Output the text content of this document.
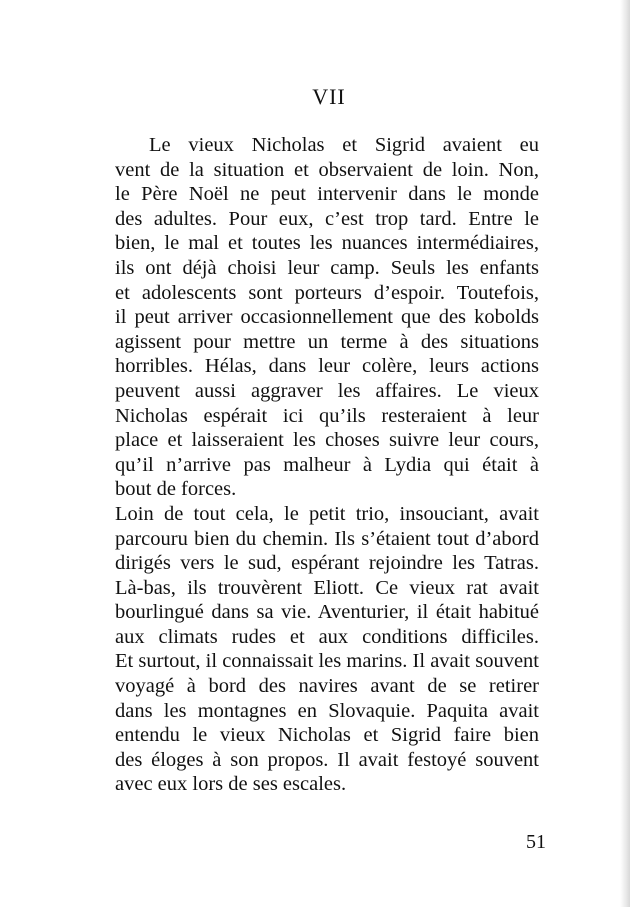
VII
Le vieux Nicholas et Sigrid avaient eu
vent de la situation et observaient de loin. Non,
le Père Noël ne peut intervenir dans le monde
des adultes. Pour eux, c’est trop tard. Entre le
bien, le mal et toutes les nuances intermédiaires,
ils ont déjà choisi leur camp. Seuls les enfants
et adolescents sont porteurs d’espoir. Toutefois,
il peut arriver occasionnellement que des kobolds
agissent pour mettre un terme à des situations
horribles. Hélas, dans leur colère, leurs actions
peuvent aussi aggraver les affaires. Le vieux
Nicholas espérait ici qu’ils resteraient à leur
place et laisseraient les choses suivre leur cours,
qu’il n’arrive pas malheur à Lydia qui était à
bout de forces.
Loin de tout cela, le petit trio, insouciant, avait
parcouru bien du chemin. Ils s’étaient tout d’abord
dirigés vers le sud, espérant rejoindre les Tatras.
Là-bas, ils trouvèrent Eliott. Ce vieux rat avait
bourlingué dans sa vie. Aventurier, il était habitué
aux climats rudes et aux conditions difficiles.
Et surtout, il connaissait les marins. Il avait souvent
voyagé à bord des navires avant de se retirer
dans les montagnes en Slovaquie. Paquita avait
entendu le vieux Nicholas et Sigrid faire bien
des éloges à son propos. Il avait festoyé souvent
avec eux lors de ses escales.
51
